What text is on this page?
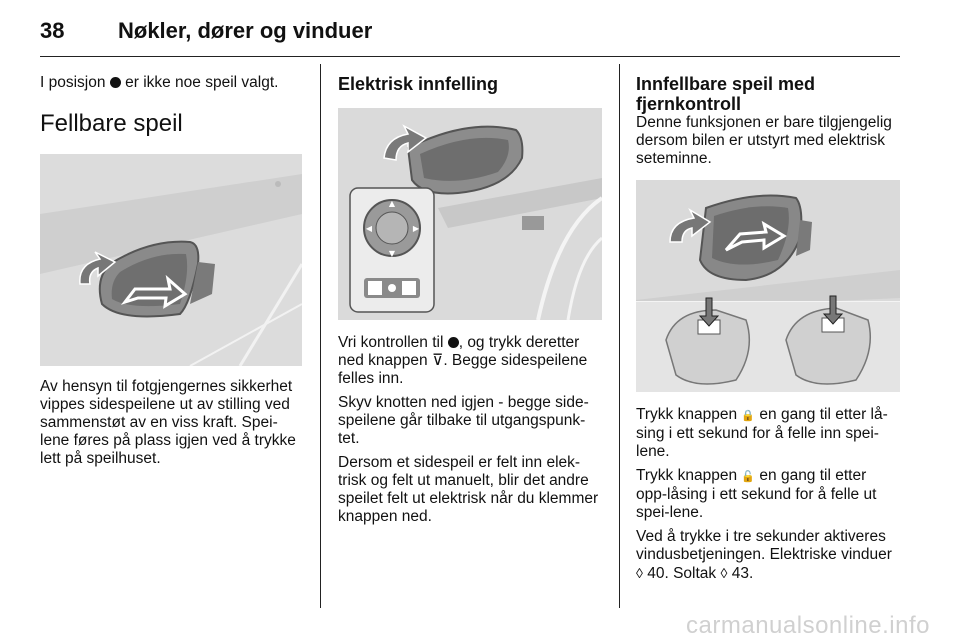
38 Nøkler, dører og vinduer

I posisjon  er ikke noe speil valgt.

Fellbare speil

Av hensyn til fotgjengernes sikkerhet vippes sidespeilene ut av stilling ved sammenstøt av en viss kraft. Spei-lene føres på plass igjen ved å trykke lett på speilhuset.

Elektrisk innfelling
▲
▼
◀	▶

Vri kontrollen til , og trykk deretter ned knappen ⊽. Begge sidespeilene felles inn.

Skyv knotten ned igjen - begge side-speilene går tilbake til utgangspunk-tet.

Dersom et sidespeil er felt inn elek-trisk og felt ut manuelt, blir det andre speilet felt ut elektrisk når du klemmer knappen ned.

Innfellbare speil med
fjernkontroll

Denne funksjonen er bare tilgjengelig dersom bilen er utstyrt med elektrisk seteminne.

Trykk knappen 🔒 en gang til etter lå-sing i ett sekund for å felle inn spei-lene.

Trykk knappen 🔓 en gang til etter opp-låsing i ett sekund for å felle ut spei-lene.

Ved å trykke i tre sekunder aktiveres vindusbetjeningen. Elektriske vinduer ◊ 40. Soltak ◊ 43.

carmanualsonline.info
